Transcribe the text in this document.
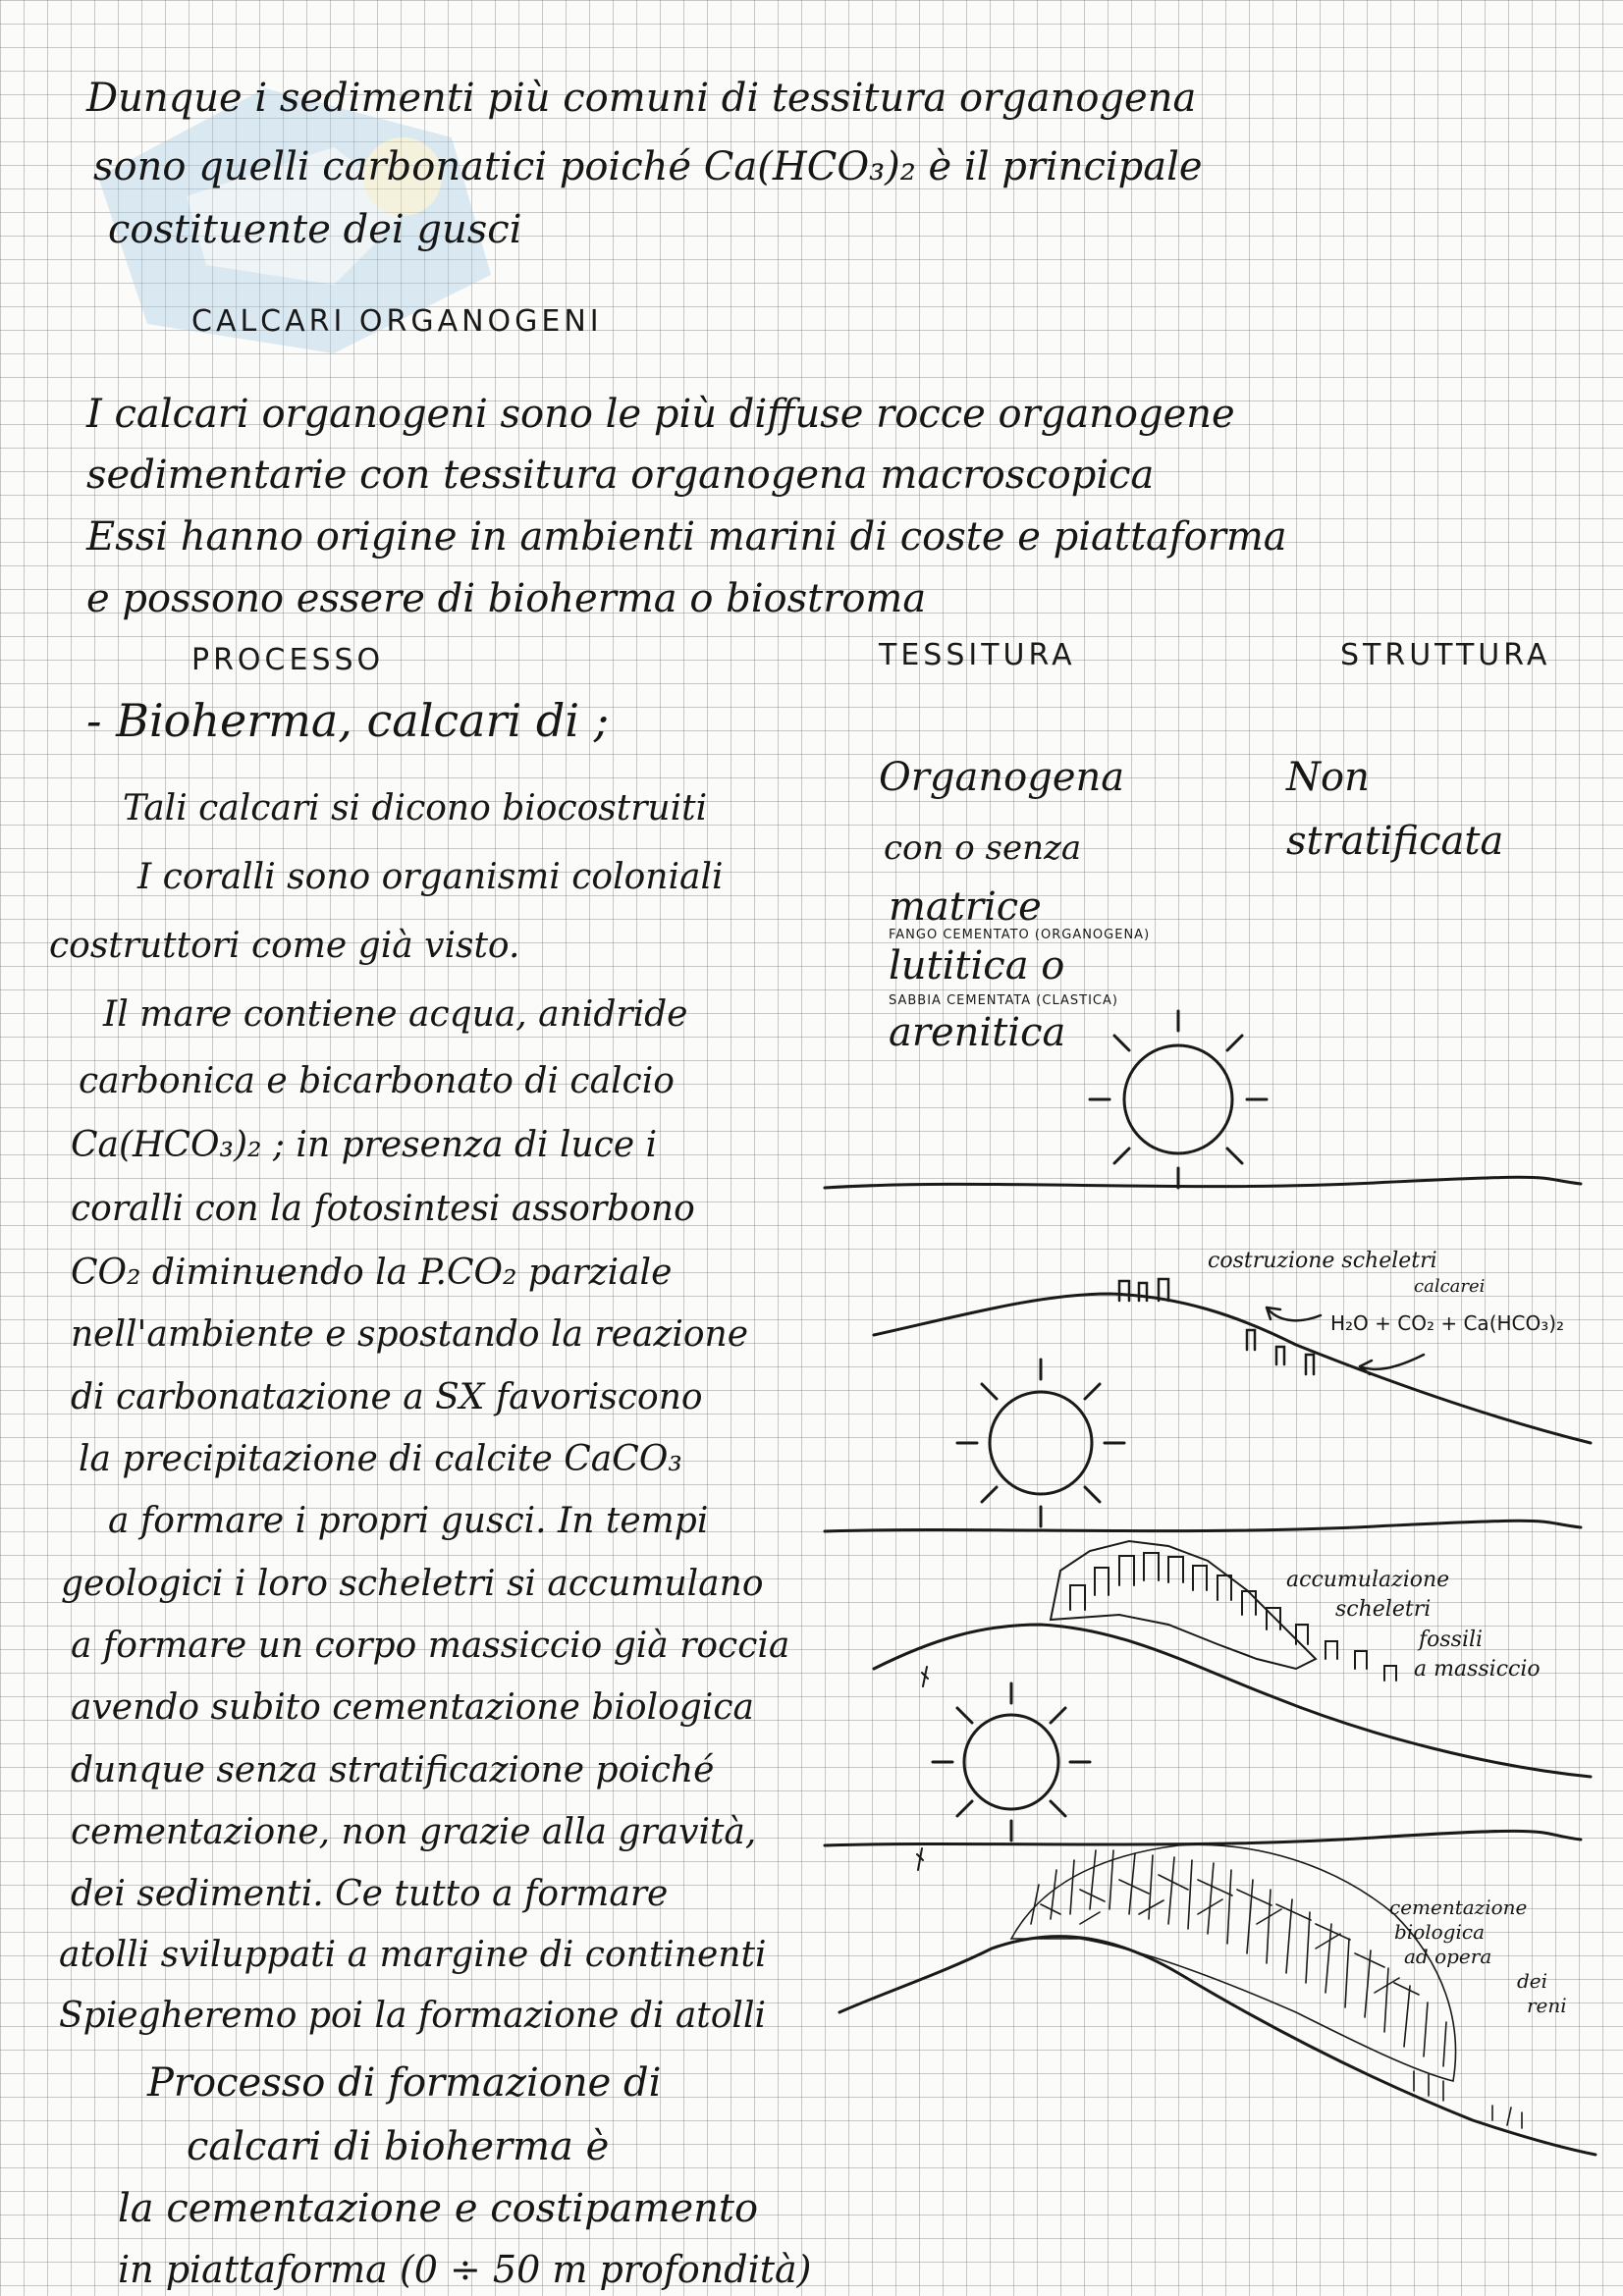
Dunque i sedimenti più comuni di tessitura organogena
sono quelli carbonatici poiché Ca(HCO₃)₂ è il principale
costituente dei gusci
CALCARI ORGANOGENI
I calcari organogeni sono le più diffuse rocce organogene
sedimentarie con tessitura organogena macroscopica
Essi hanno origine in ambienti marini di coste e piattaforma
e possono essere di bioherma o biostroma
PROCESSO	TESSITURA	STRUTTURA
- Bioherma, calcari di ;
Organogena
con o senza
matrice
FANGO CEMENTATO (ORGANOGENA)
lutitica o
SABBIA CEMENTATA (CLASTICA)
arenitica
Non
stratificata
Tali calcari si dicono biocostruiti
I coralli sono organismi coloniali
costruttori come già visto.
Il mare contiene acqua, anidride
carbonica e bicarbonato di calcio
Ca(HCO₃)₂ ; in presenza di luce i
coralli con la fotosintesi assorbono
CO₂ diminuendo la P.CO₂ parziale
nell'ambiente e spostando la reazione
di carbonatazione a SX favoriscono
la precipitazione di calcite CaCO₃
a formare i propri gusci. In tempi
geologici i loro scheletri si accumulano
a formare un corpo massiccio già roccia
avendo subito cementazione biologica
dunque senza stratificazione poiché
cementazione, non grazie alla gravità,
dei sedimenti. Ce tutto a formare
atolli sviluppati a margine di continenti
Spiegheremo poi la formazione di atolli
Processo di formazione di
calcari di bioherma è
la cementazione e costipamento
in piattaforma (0 ÷ 50 m profondità)
costruzione scheletri
calcarei
H₂O + CO₂ + Ca(HCO₃)₂
accumulazione
scheletri
fossili
a massiccio
cementazione
biologica
ad opera
dei
reni
